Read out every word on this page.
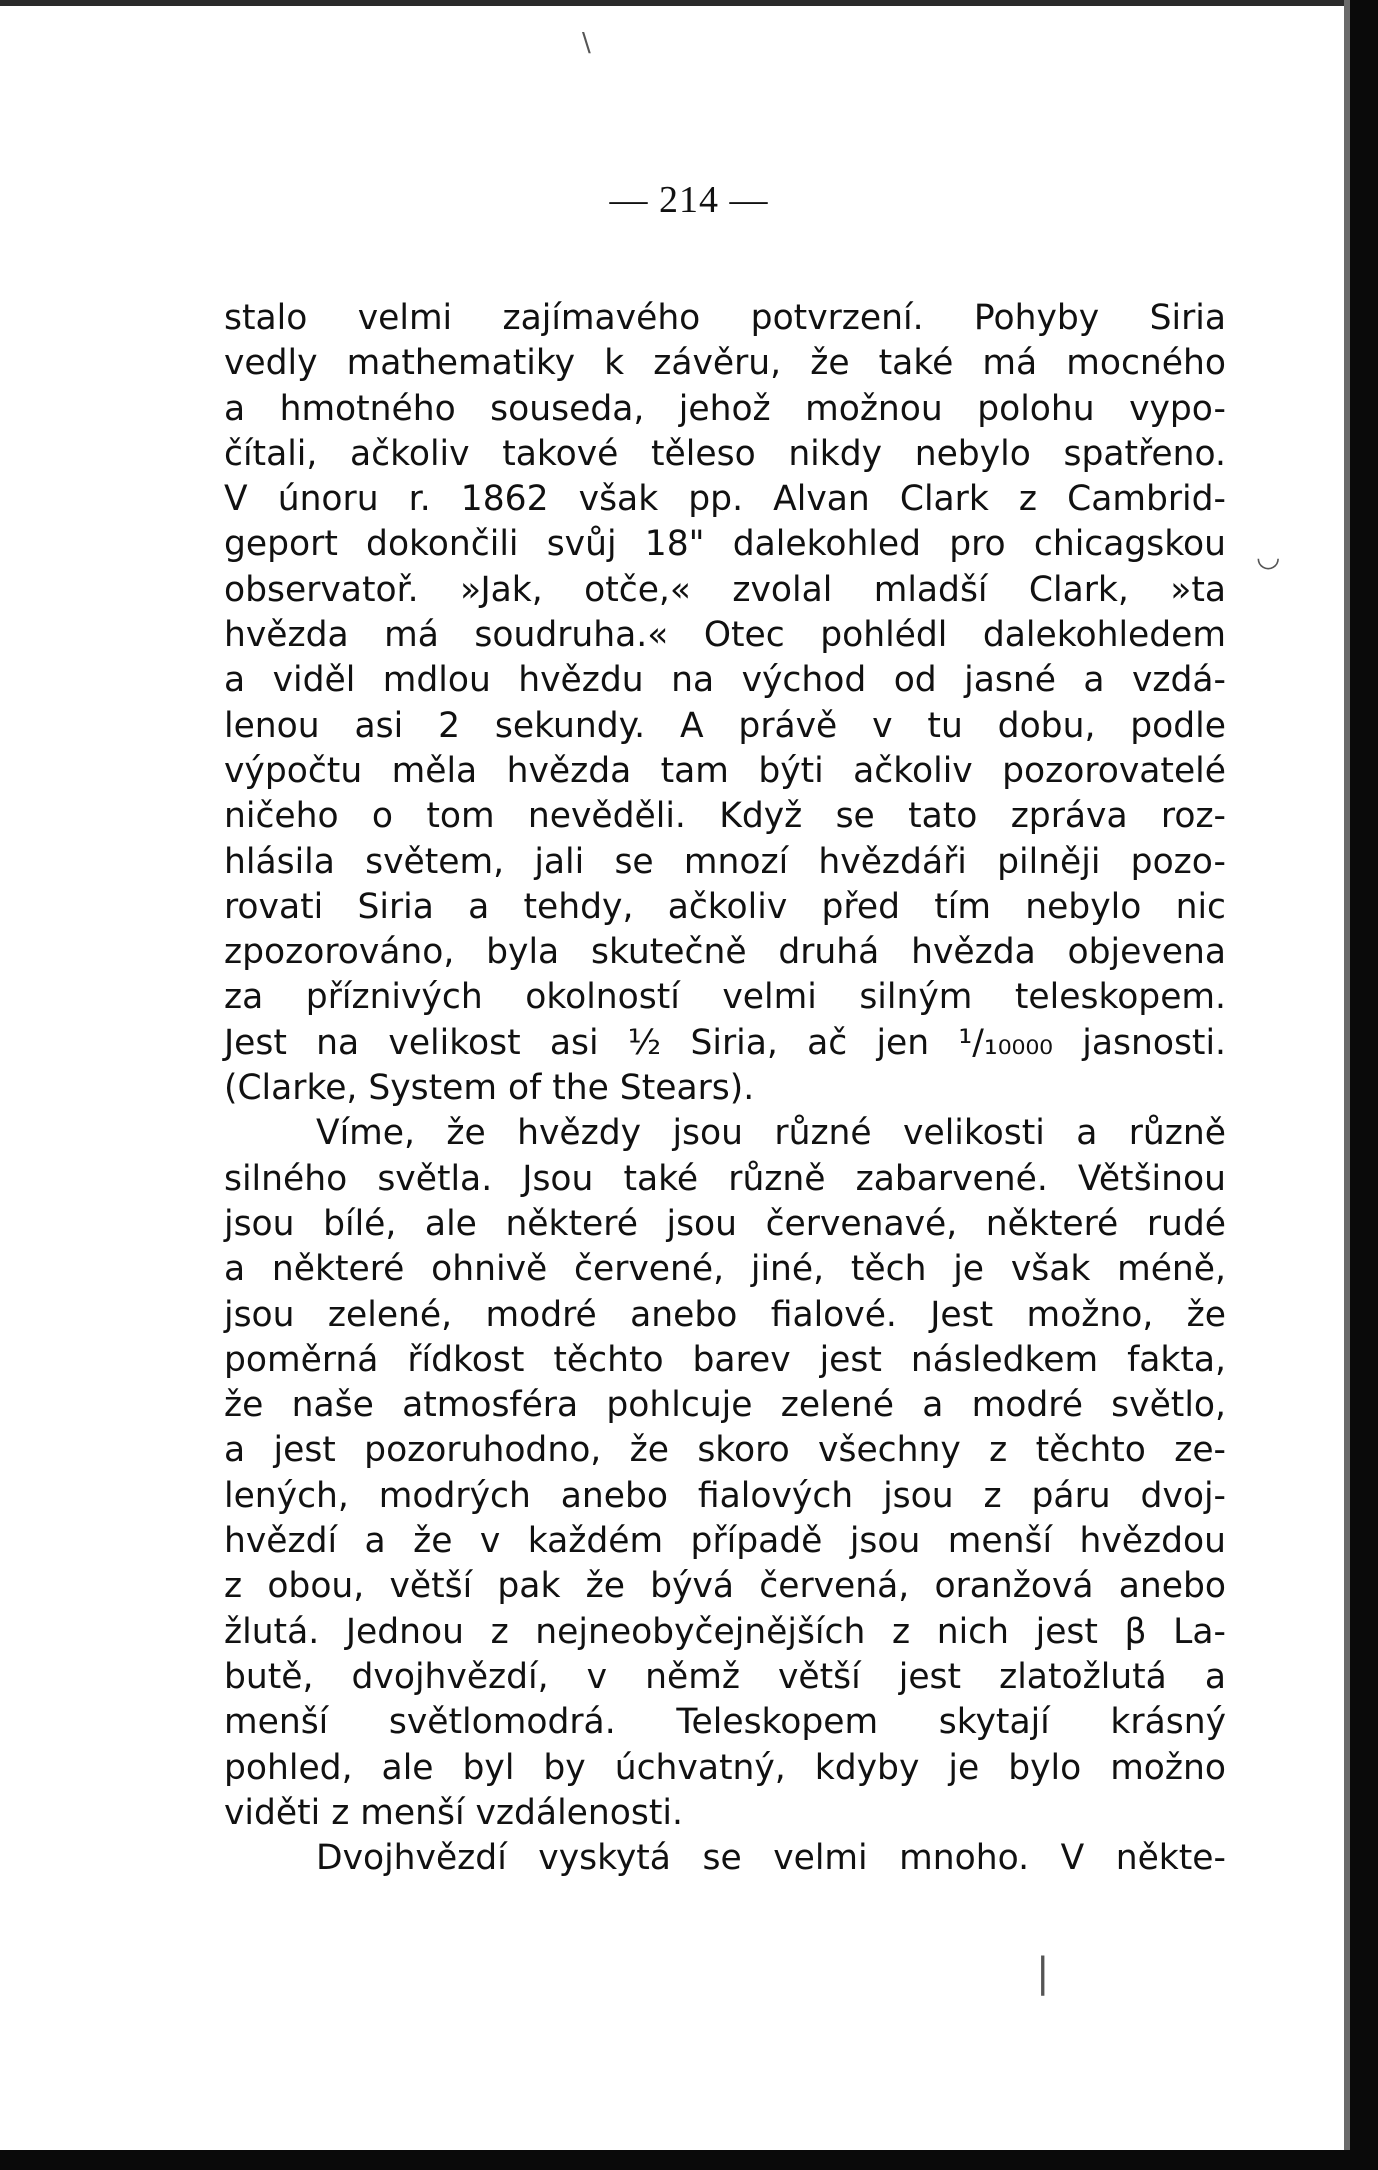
\
◡
|
— 214 —
stalo velmi zajímavého potvrzení. Pohyby Siria
vedly mathematiky k závěru, že také má mocného
a hmotného souseda, jehož možnou polohu vypo-
čítali, ačkoliv takové těleso nikdy nebylo spatřeno.
V únoru r. 1862 však pp. Alvan Clark z Cambrid-
geport dokončili svůj 18" dalekohled pro chicagskou
observatoř. »Jak, otče,« zvolal mladší Clark, »ta
hvězda má soudruha.« Otec pohlédl dalekohledem
a viděl mdlou hvězdu na východ od jasné a vzdá-
lenou asi 2 sekundy. A právě v tu dobu, podle
výpočtu měla hvězda tam býti ačkoliv pozorovatelé
ničeho o tom nevěděli. Když se tato zpráva roz-
hlásila světem, jali se mnozí hvězdáři pilněji pozo-
rovati Siria a tehdy, ačkoliv před tím nebylo nic
zpozorováno, byla skutečně druhá hvězda objevena
za příznivých okolností velmi silným teleskopem.
Jest na velikost asi ½ Siria, ač jen ¹/₁₀₀₀₀ jasnosti.
(Clarke, System of the Stears).
Víme, že hvězdy jsou různé velikosti a různě
silného světla. Jsou také různě zabarvené. Většinou
jsou bílé, ale některé jsou červenavé, některé rudé
a některé ohnivě červené, jiné, těch je však méně,
jsou zelené, modré anebo fialové. Jest možno, že
poměrná řídkost těchto barev jest následkem fakta,
že naše atmosféra pohlcuje zelené a modré světlo,
a jest pozoruhodno, že skoro všechny z těchto ze-
lených, modrých anebo fialových jsou z páru dvoj-
hvězdí a že v každém případě jsou menší hvězdou
z obou, větší pak že bývá červená, oranžová anebo
žlutá. Jednou z nejneobyčejnějších z nich jest β La-
butě, dvojhvězdí, v němž větší jest zlatožlutá a
menší světlomodrá. Teleskopem skytají krásný
pohled, ale byl by úchvatný, kdyby je bylo možno
viděti z menší vzdálenosti.
Dvojhvězdí vyskytá se velmi mnoho. V někte-
